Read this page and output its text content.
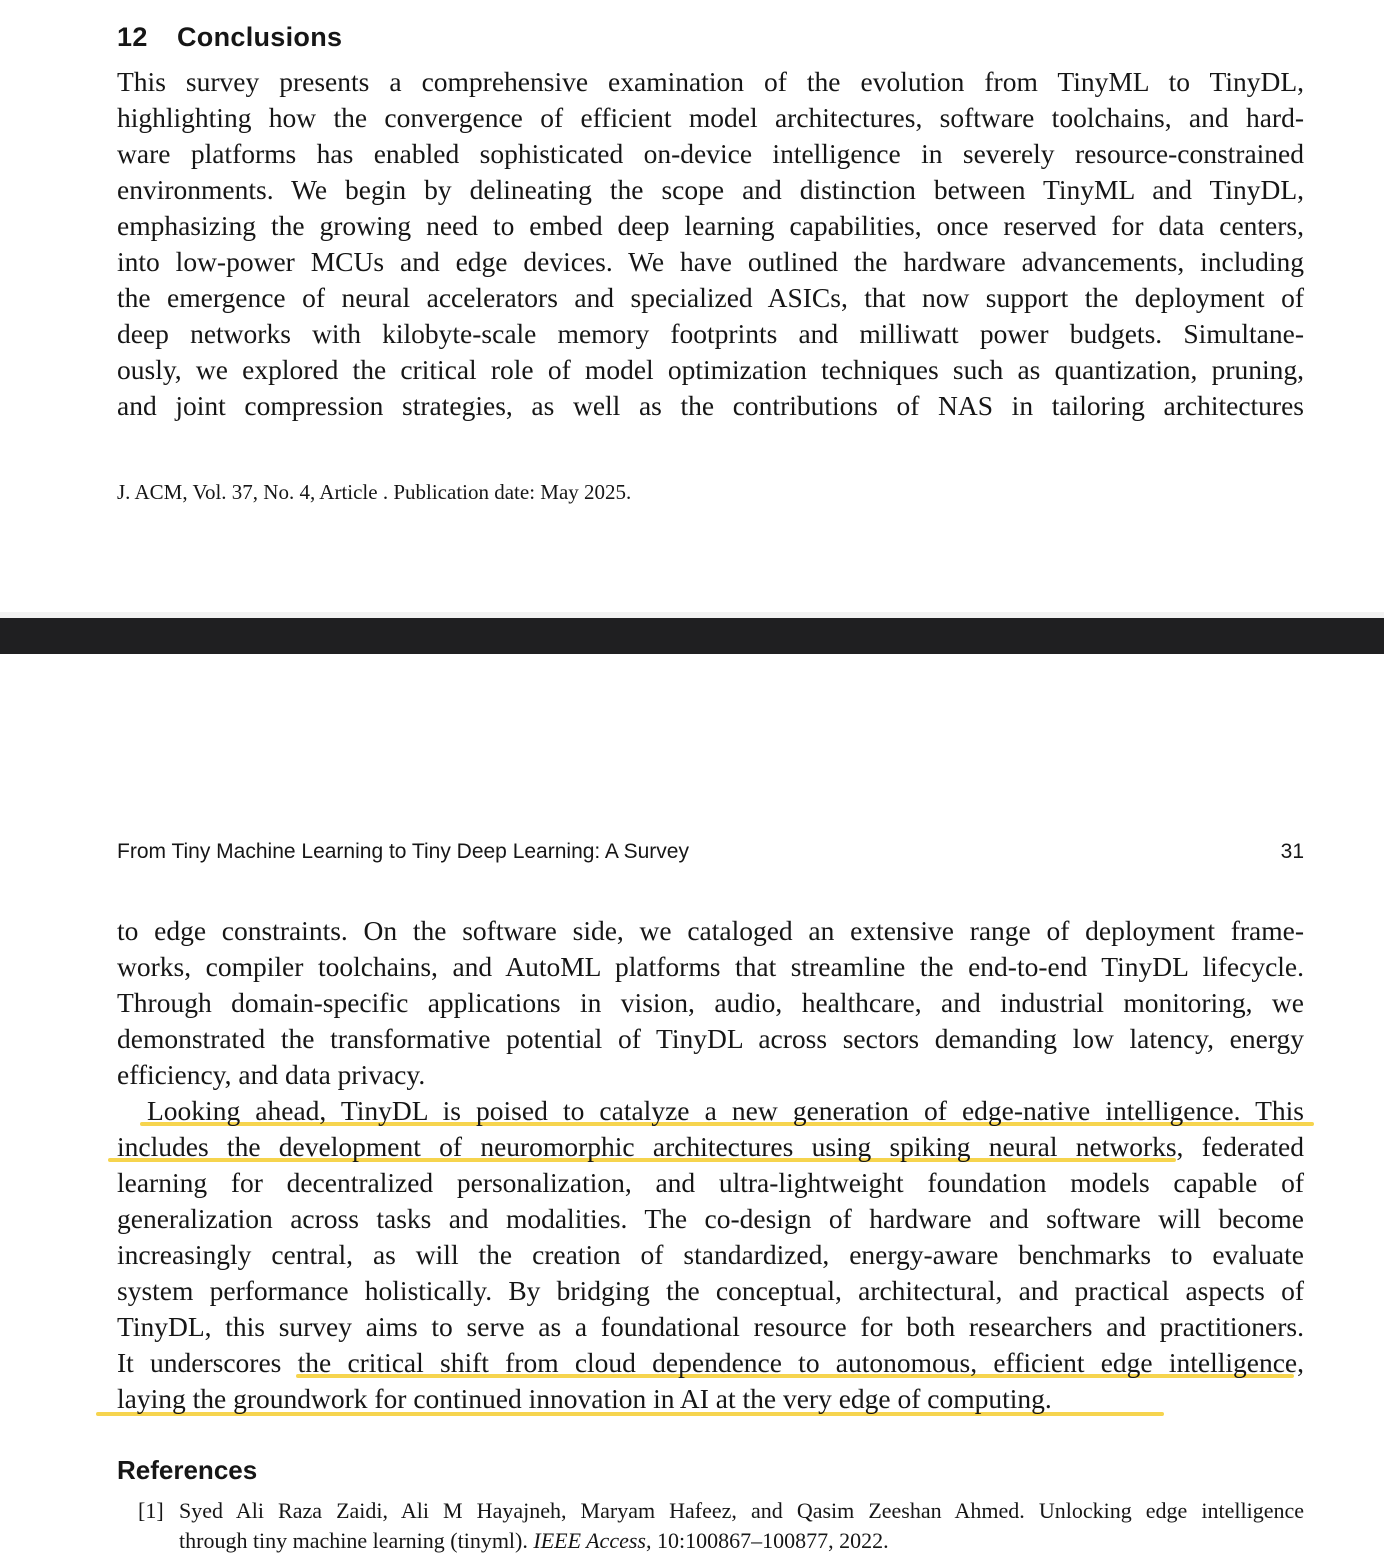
12 Conclusions
This survey presents a comprehensive examination of the evolution from TinyML to TinyDL,
highlighting how the convergence of efficient model architectures, software toolchains, and hard-
ware platforms has enabled sophisticated on-device intelligence in severely resource-constrained
environments. We begin by delineating the scope and distinction between TinyML and TinyDL,
emphasizing the growing need to embed deep learning capabilities, once reserved for data centers,
into low-power MCUs and edge devices. We have outlined the hardware advancements, including
the emergence of neural accelerators and specialized ASICs, that now support the deployment of
deep networks with kilobyte-scale memory footprints and milliwatt power budgets. Simultane-
ously, we explored the critical role of model optimization techniques such as quantization, pruning,
and joint compression strategies, as well as the contributions of NAS in tailoring architectures
J. ACM, Vol. 37, No. 4, Article . Publication date: May 2025.
From Tiny Machine Learning to Tiny Deep Learning: A Survey	31
to edge constraints. On the software side, we cataloged an extensive range of deployment frame-
works, compiler toolchains, and AutoML platforms that streamline the end-to-end TinyDL lifecycle.
Through domain-specific applications in vision, audio, healthcare, and industrial monitoring, we
demonstrated the transformative potential of TinyDL across sectors demanding low latency, energy
efficiency, and data privacy.
Looking ahead, TinyDL is poised to catalyze a new generation of edge-native intelligence. This
includes the development of neuromorphic architectures using spiking neural networks, federated
learning for decentralized personalization, and ultra-lightweight foundation models capable of
generalization across tasks and modalities. The co-design of hardware and software will become
increasingly central, as will the creation of standardized, energy-aware benchmarks to evaluate
system performance holistically. By bridging the conceptual, architectural, and practical aspects of
TinyDL, this survey aims to serve as a foundational resource for both researchers and practitioners.
It underscores the critical shift from cloud dependence to autonomous, efficient edge intelligence,
laying the groundwork for continued innovation in AI at the very edge of computing.
References
[1] Syed Ali Raza Zaidi, Ali M Hayajneh, Maryam Hafeez, and Qasim Zeeshan Ahmed. Unlocking edge intelligence
through tiny machine learning (tinyml). IEEE Access, 10:100867–100877, 2022.
